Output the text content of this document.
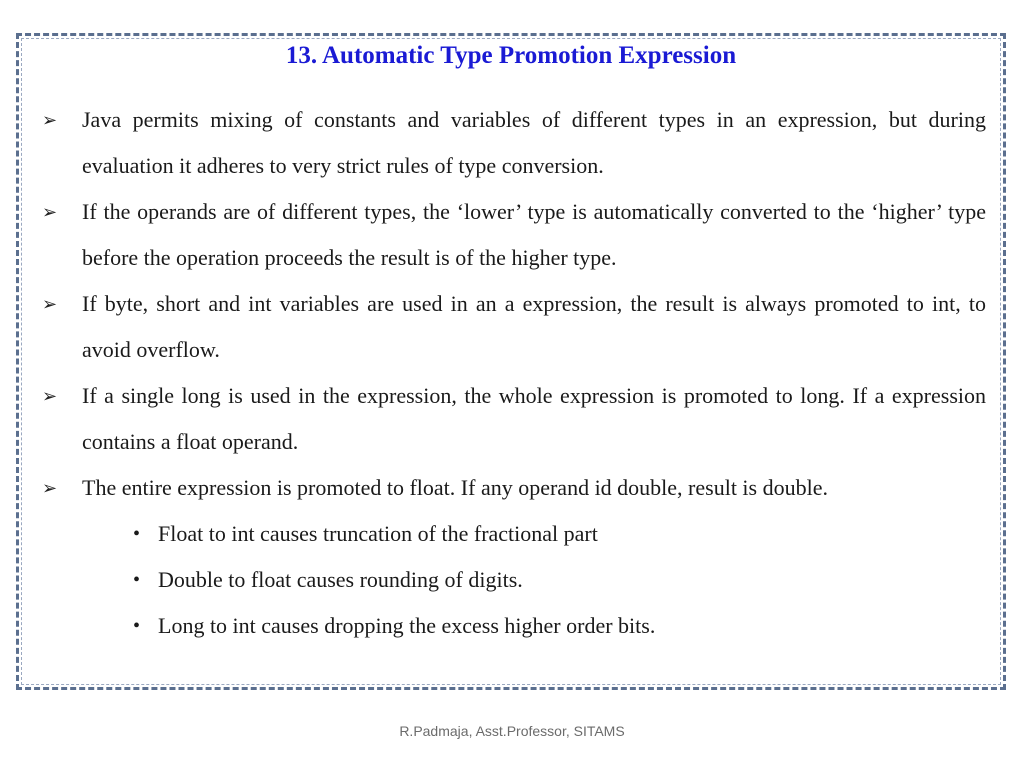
13. Automatic Type Promotion Expression

➢ Java permits mixing of constants and variables of different types in an expression, but during evaluation it adheres to very strict rules of type conversion.

➢ If the operands are of different types, the ‘lower’ type is automatically converted to the ‘higher’ type before the operation proceeds the result is of the higher type.

➢ If byte, short and int variables are used in an a expression, the result is always promoted to int, to avoid overflow.

➢ If a single long is used in the expression, the whole expression is promoted to long. If a expression contains a float operand.

➢ The entire expression is promoted to float. If any operand id double, result is double.

• Float to int causes truncation of the fractional part

• Double to float causes rounding of digits.

• Long to int causes dropping the excess higher order bits.

R.Padmaja, Asst.Professor, SITAMS
